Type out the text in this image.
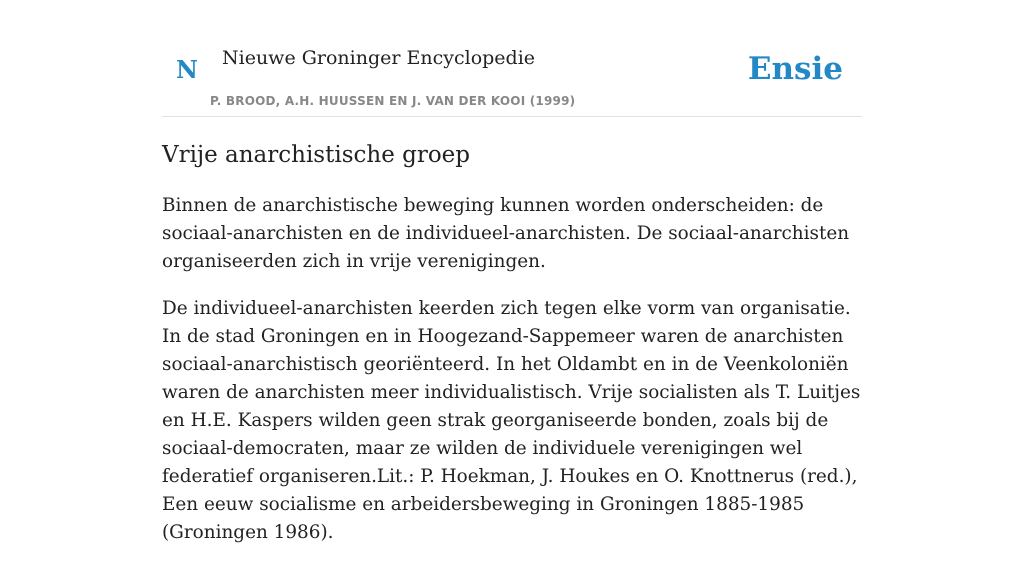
N Nieuwe Groninger Encyclopedie
P. BROOD, A.H. HUUSSEN EN J. VAN DER KOOI (1999)
Ensie
Vrije anarchistische groep

Binnen de anarchistische beweging kunnen worden onderscheiden: de sociaal-anarchisten en de individueel-anarchisten. De sociaal-anarchisten organiseerden zich in vrije verenigingen.

De individueel-anarchisten keerden zich tegen elke vorm van organisatie. In de stad Groningen en in Hoogezand-Sappemeer waren de anarchisten sociaal-anarchistisch georiënteerd. In het Oldambt en in de Veenkoloniën waren de anarchisten meer individualistisch. Vrije socialisten als T. Luitjes en H.E. Kaspers wilden geen strak georganiseerde bonden, zoals bij de sociaal-democraten, maar ze wilden de individuele verenigingen wel federatief organiseren.Lit.: P. Hoekman, J. Houkes en O. Knottnerus (red.), Een eeuw socialisme en arbeidersbeweging in Groningen 1885-1985 (Groningen 1986).
